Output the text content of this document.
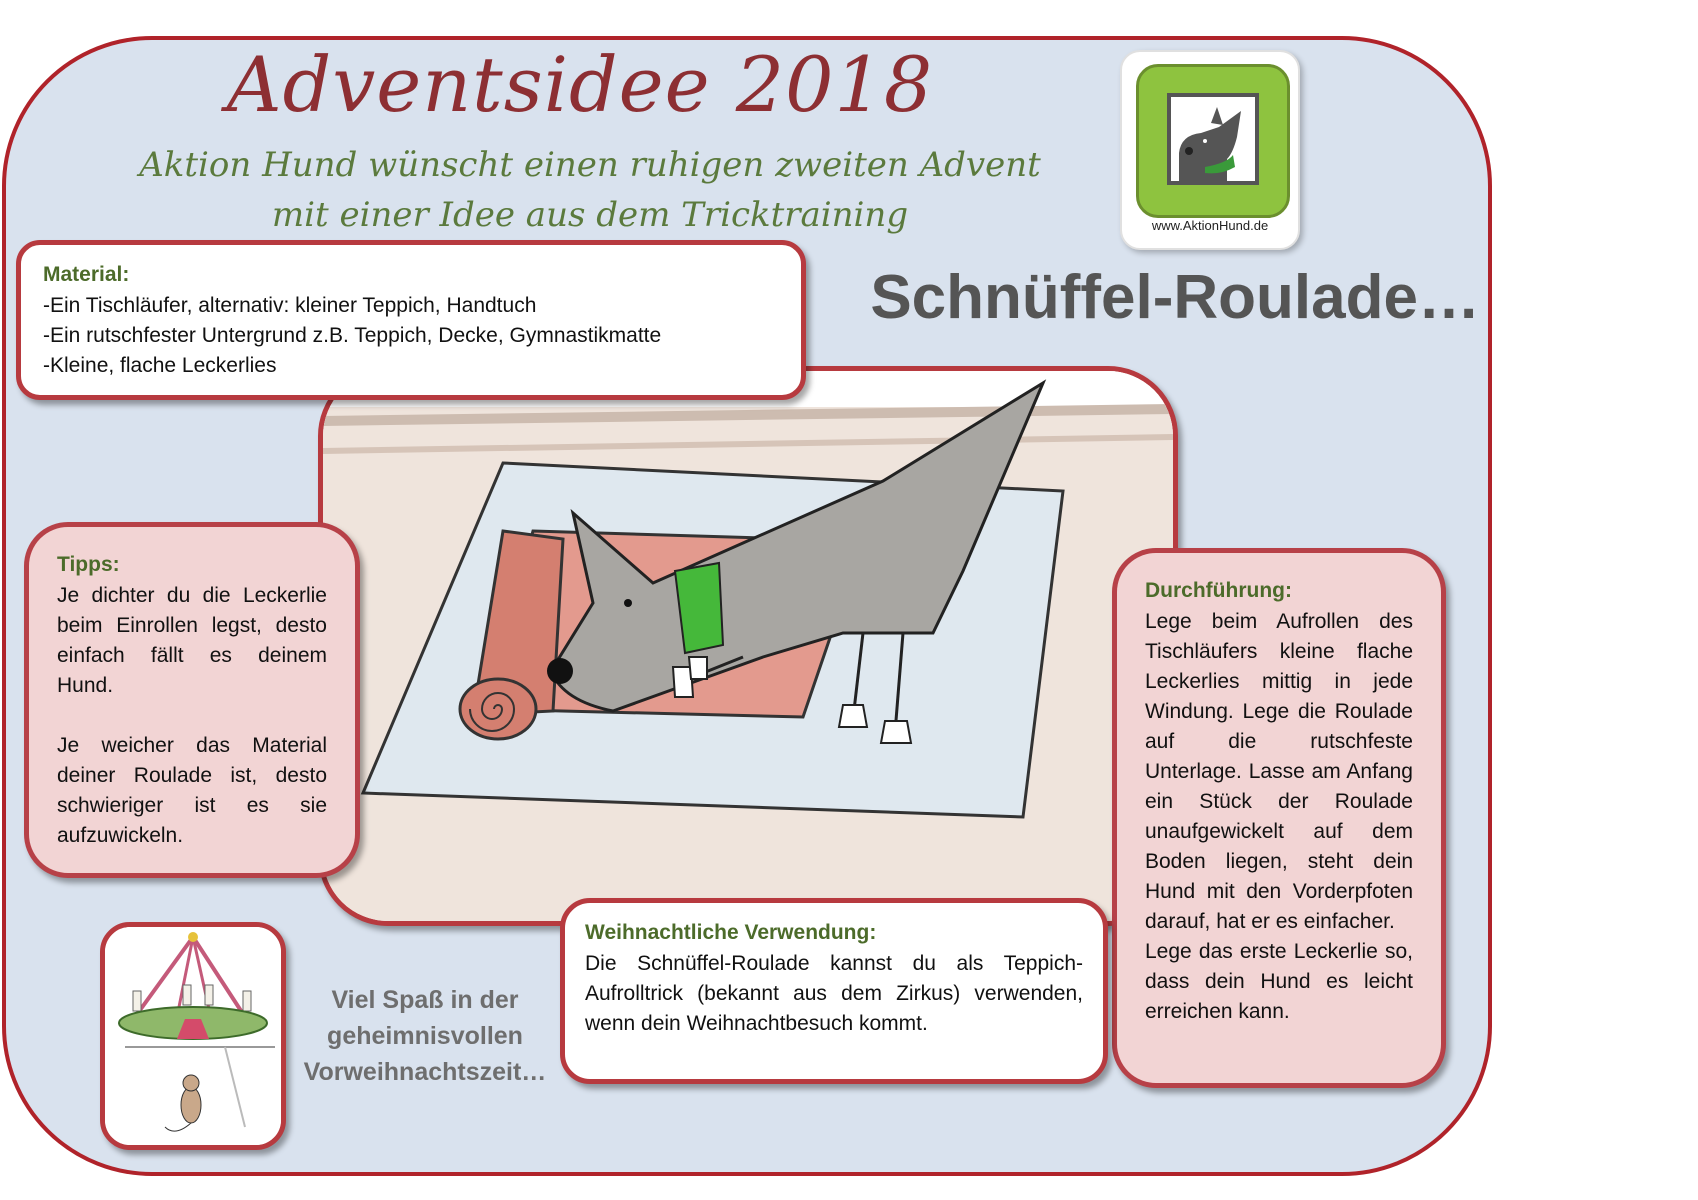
Adventsidee 2018
Aktion Hund wünscht einen ruhigen zweiten Advent
mit einer Idee aus dem Tricktraining	www.AktionHund.de
Schnüffel-Roulade…
Material:
-Ein Tischläufer, alternativ: kleiner Teppich, Handtuch
-Ein rutschfester Untergrund z.B. Teppich, Decke, Gymnastikmatte
-Kleine, flache Leckerlies
Tipps:
Je dichter du die Leckerlie beim Einrollen legst, desto einfach fällt es deinem Hund.
Je weicher das Material deiner Roulade ist, desto schwieriger ist es sie aufzuwickeln.
Durchführung:
Lege beim Aufrollen des Tischläufers kleine flache Leckerlies mittig in jede Windung. Lege die Roulade auf die rutschfeste Unterlage. Lasse am Anfang ein Stück der Roulade unaufgewickelt auf dem Boden liegen, steht dein Hund mit den Vorderpfoten darauf, hat er es einfacher.
Lege das erste Leckerlie so, dass dein Hund es leicht erreichen kann.
Weihnachtliche Verwendung:
Die Schnüffel-Roulade kannst du als Teppich-Aufrolltrick (bekannt aus dem Zirkus) verwenden, wenn dein Weihnachtbesuch kommt.
Viel Spaß in der
geheimnisvollen
Vorweihnachtszeit…
